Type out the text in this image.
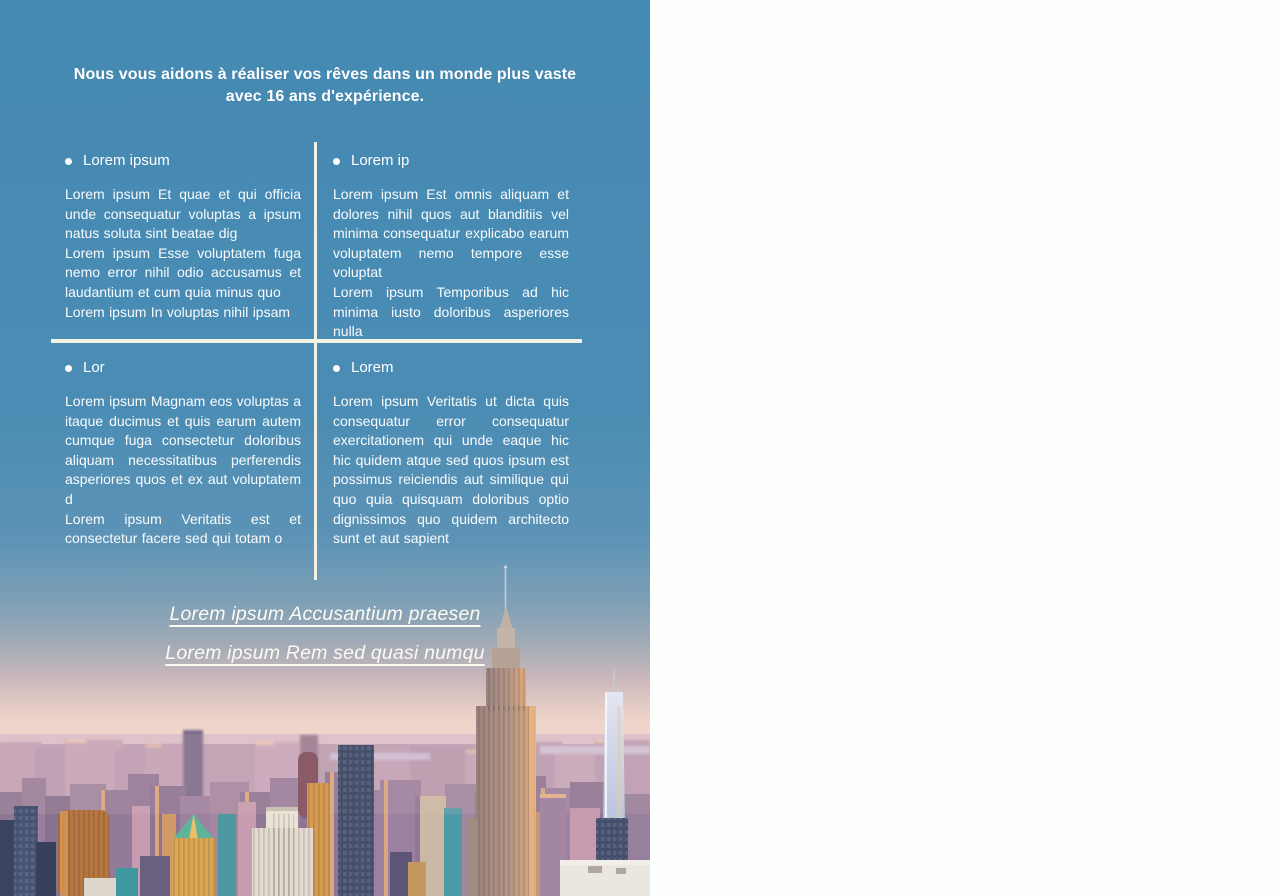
Nous vous aidons à réaliser vos rêves dans un monde plus vaste avec 16 ans d'expérience.
Lorem ipsum

Lorem ipsum Et quae et qui officia unde consequatur voluptas a ipsum natus soluta sint beatae dig

Lorem ipsum Esse voluptatem fuga nemo error nihil odio accusamus et laudantium et cum quia minus quo

Lorem ipsum In voluptas nihil ipsam

Lorem ip

Lorem ipsum Est omnis aliquam et dolores nihil quos aut blanditiis vel minima consequatur explicabo earum voluptatem nemo tempore esse voluptat

Lorem ipsum Temporibus ad hic minima iusto doloribus asperiores nulla

Lor

Lorem ipsum Magnam eos voluptas a itaque ducimus et quis earum autem cumque fuga consectetur doloribus aliquam necessitatibus perferendis asperiores quos et ex aut voluptatem d

Lorem ipsum Veritatis est et consectetur facere sed qui totam o

Lorem

Lorem ipsum Veritatis ut dicta quis consequatur error consequatur exercitationem qui unde eaque hic hic quidem atque sed quos ipsum est possimus reiciendis aut similique qui quo quia quisquam doloribus optio dignissimos quo quidem architecto sunt et aut sapient

Lorem ipsum Accusantium praesen
Lorem ipsum Rem sed quasi numqu
